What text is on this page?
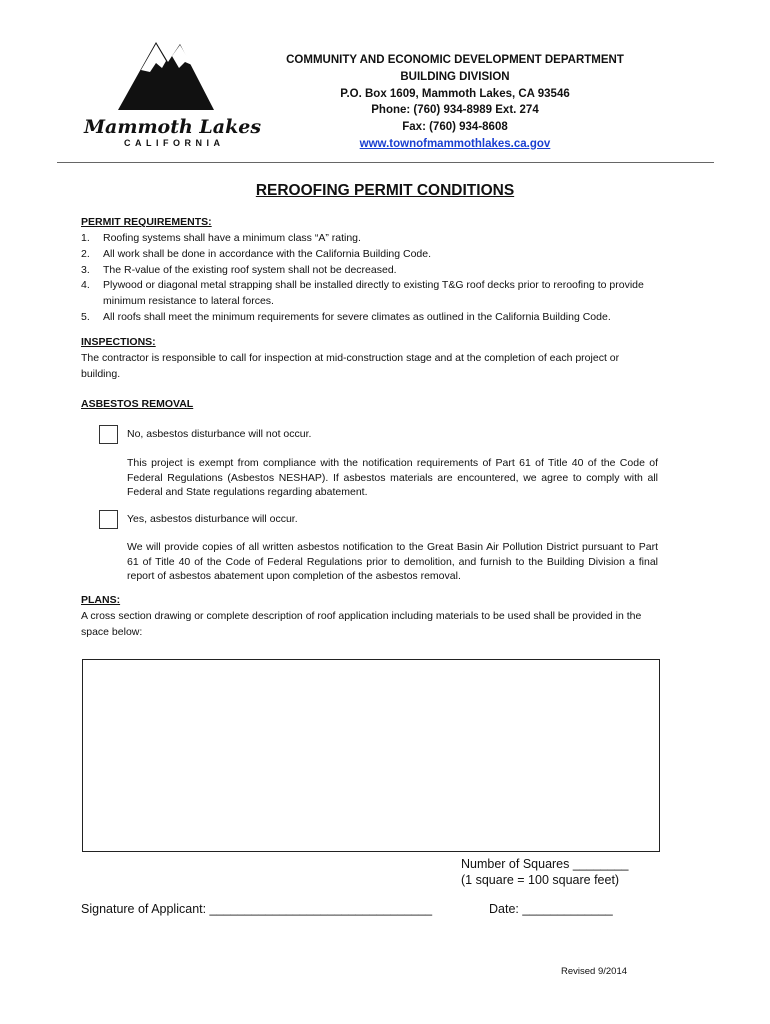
Mammoth Lakes
CALIFORNIA
COMMUNITY AND ECONOMIC DEVELOPMENT DEPARTMENT
BUILDING DIVISION
P.O. Box 1609, Mammoth Lakes, CA 93546
Phone: (760) 934-8989 Ext. 274
Fax: (760) 934-8608
www.townofmammothlakes.ca.gov
REROOFING PERMIT CONDITIONS
PERMIT REQUIREMENTS:
1.	Roofing systems shall have a minimum class “A” rating.
2.	All work shall be done in accordance with the California Building Code.
3.	The R-value of the existing roof system shall not be decreased.
4.	Plywood or diagonal metal strapping shall be installed directly to existing T&G roof decks prior to reroofing to provide minimum resistance to lateral forces.
5.	All roofs shall meet the minimum requirements for severe climates as outlined in the California Building Code.
INSPECTIONS:
The contractor is responsible to call for inspection at mid-construction stage and at the completion of each project or building.
ASBESTOS REMOVAL
No, asbestos disturbance will not occur.
This project is exempt from compliance with the notification requirements of Part 61 of Title 40 of the Code of Federal Regulations (Asbestos NESHAP). If asbestos materials are encountered, we agree to comply with all Federal and State regulations regarding abatement.
Yes, asbestos disturbance will occur.
We will provide copies of all written asbestos notification to the Great Basin Air Pollution District pursuant to Part 61 of Title 40 of the Code of Federal Regulations prior to demolition, and furnish to the Building Division a final report of asbestos abatement upon completion of the asbestos removal.
PLANS:
A cross section drawing or complete description of roof application including materials to be used shall be provided in the space below:
Number of Squares ________
(1 square = 100 square feet)
Signature of Applicant: ________________________________	Date: _____________
Revised 9/2014
